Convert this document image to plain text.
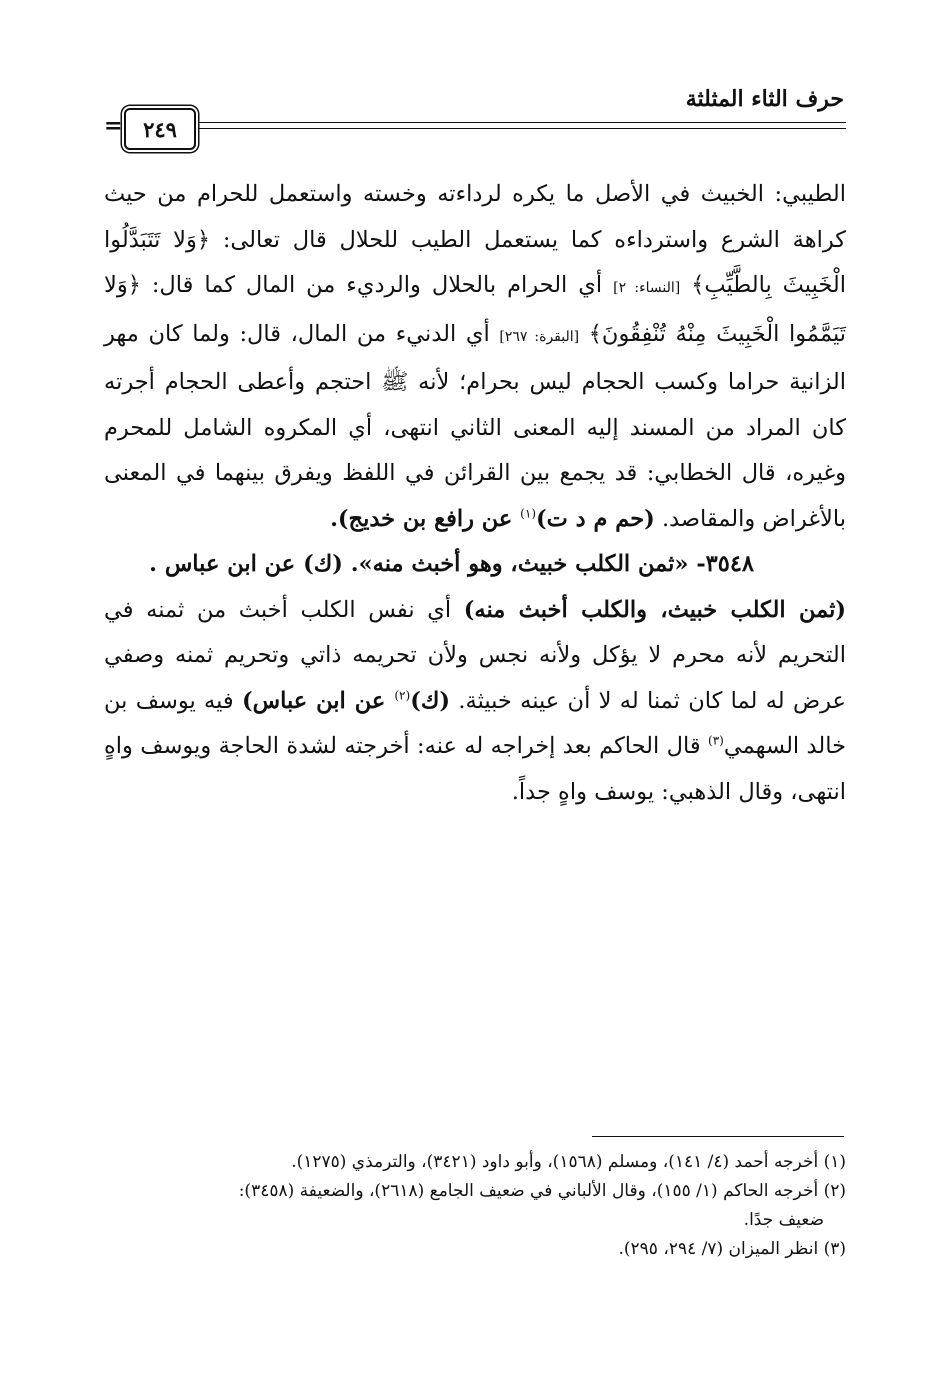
حرف الثاء المثلثة
٢٤٩
=

الطيبي: الخبيث في الأصل ما يكره لرداءته وخسته واستعمل للحرام من حيث كراهة الشرع واسترداءه كما يستعمل الطيب للحلال قال تعالى: ﴿وَلا تَتَبَدَّلُوا الْخَبِيثَ بِالطَّيِّبِ﴾ [النساء: ٢] أي الحرام بالحلال والرديء من المال كما قال: ﴿وَلا تَيَمَّمُوا الْخَبِيثَ مِنْهُ تُنْفِقُونَ﴾ [البقرة: ٢٦٧] أي الدنيء من المال، قال: ولما كان مهر الزانية حراما وكسب الحجام ليس بحرام؛ لأنه ﷺ احتجم وأعطى الحجام أجرته كان المراد من المسند إليه المعنى الثاني انتهى، أي المكروه الشامل للمحرم وغيره، قال الخطابي: قد يجمع بين القرائن في اللفظ ويفرق بينهما في المعنى بالأغراض والمقاصد. (حم م د ت)$^{(١)}$ عن رافع بن خديج).

٣٥٤٨- «ثمن الكلب خبيث، وهو أخبث منه». (ك) عن ابن عباس .

(ثمن الكلب خبيث، والكلب أخبث منه) أي نفس الكلب أخبث من ثمنه في التحريم لأنه محرم لا يؤكل ولأنه نجس ولأن تحريمه ذاتي وتحريم ثمنه وصفي عرض له لما كان ثمنا له لا أن عينه خبيثة. (ك)$^{(٢)}$ عن ابن عباس) فيه يوسف بن خالد السهمي$^{(٣)}$ قال الحاكم بعد إخراجه له عنه: أخرجته لشدة الحاجة ويوسف واهٍ انتهى، وقال الذهبي: يوسف واهٍ جداً.

(١) أخرجه أحمد (٤/ ١٤١)، ومسلم (١٥٦٨)، وأبو داود (٣٤٢١)، والترمذي (١٢٧٥).

(٢) أخرجه الحاكم (١/ ١٥٥)، وقال الألباني في ضعيف الجامع (٢٦١٨)، والضعيفة (٣٤٥٨):

ضعيف جدًا.

(٣) انظر الميزان (٧/ ٢٩٤، ٢٩٥).
